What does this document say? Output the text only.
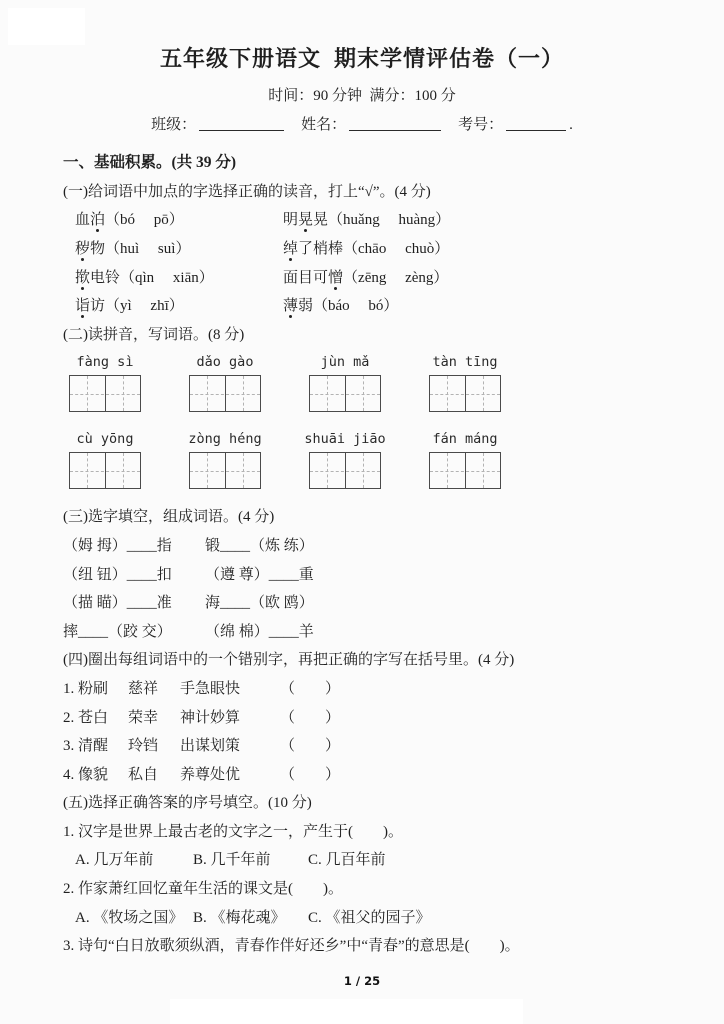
五年级下册语文  期末学情评估卷（一）
时间：90 分钟  满分：100 分
班级：	姓名：	考号：	.
一、基础积累。(共 39 分)
(一)给词语中加点的字选择正确的读音，打上“√”。(4 分)
血泊（bó　 pō）	明晃晃（huǎng　 huàng）
秽物（huì　 suì）	绰了梢棒（chāo　 chuò）
揿电铃（qìn　 xiān）	面目可憎（zēng　 zèng）
诣访（yì　 zhī）	薄弱（báo　 bó）
(二)读拼音，写词语。(8 分)
fàng sì	dǎo gào	jùn mǎ	tàn tīng
cù yōng	zòng héng	shuāi jiāo	fán máng
(三)选字填空，组成词语。(4 分)
（姆 拇）____指 锻____（炼 练）
（纽 钮）____扣 （遵 尊）____重
（描 瞄）____准 海____（欧 鸥）
摔____（跤 交） （绵 棉）____羊
(四)圈出每组词语中的一个错别字，再把正确的字写在括号里。(4 分)
1. 粉刷 慈祥 手急眼快	（　　）
2. 苍白 荣幸 神计妙算	（　　）
3. 清醒 玲铛 出谋划策	（　　）
4. 像貌 私自 养尊处优	（　　）
(五)选择正确答案的序号填空。(10 分)
1. 汉字是世界上最古老的文字之一，产生于(　　)。
A. 几万年前	B. 几千年前 C. 几百年前
2. 作家萧红回忆童年生活的课文是(　　)。
A. 《牧场之国》 B. 《梅花魂》 C. 《祖父的园子》
3. 诗句“白日放歌须纵酒，青春作伴好还乡”中“青春”的意思是(　　)。
1 / 25
